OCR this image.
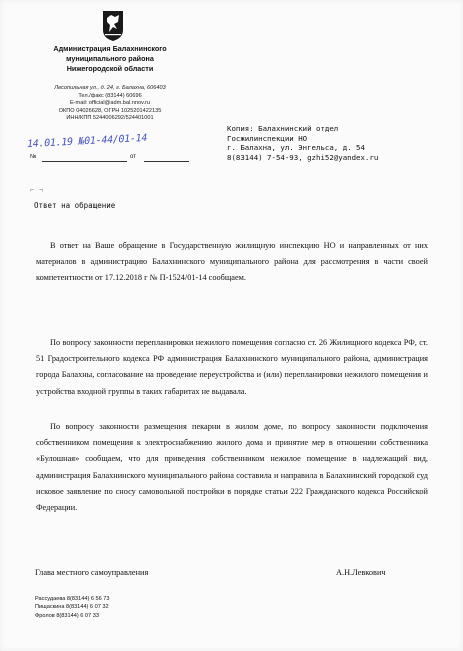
Администрация Балахнинского
муниципального района
Нижегородской области
Лесопильная ул., д. 24, г. Балахна, 606403
Тел./факс (83144) 60696
E-mail: official@adm.bal.nnov.ru
ОКПО 04026628, ОГРН 1025201422135
ИНН/КПП 5244006292/524401001
14.01.19 №01-44/01-14
№	от
Копия: Балахнинский отдел
Госжилинспекции НО
г. Балахна, ул. Энгельса, д. 54
8(83144) 7-54-93, gzhi52@yandex.ru
⌐   ¬
Ответ на обращение
В ответ на Ваше обращение в Государственную жилищную инспекцию НО и направленных от них материалов в администрацию Балахнинского муниципального района для рассмотрения в части своей компетентности от 17.12.2018 г № П-1524/01-14 сообщаем.
По вопросу законности перепланировки нежилого помещения согласно ст. 26 Жилищного кодекса РФ, ст. 51 Градостроительного кодекса РФ администрация Балахнинского муниципального района, администрация города Балахны, согласование на проведение переустройства и (или) перепланировки нежилого помещения и устройства входной группы в таких габаритах не выдавала.
По вопросу законности размещения пекарни в жилом доме, по вопросу законности подключения собственником помещения к электроснабжению жилого дома и принятие мер в отношении собственника «Булошная» сообщаем, что для приведения собственником нежилое помещение в надлежащий вид, администрация Балахнинского муниципального района составила и направила в Балахнинский городской суд исковое заявление по сносу самовольной постройки в порядке статьи 222 Гражданского кодекса Российской Федерации.
Глава местного самоуправления	А.Н.Левкович
Рассудаева 8(83144) 6 56 73
Пищаскина 8(83144) 6 07 32
Фролов 8(83144) 6 07 33
